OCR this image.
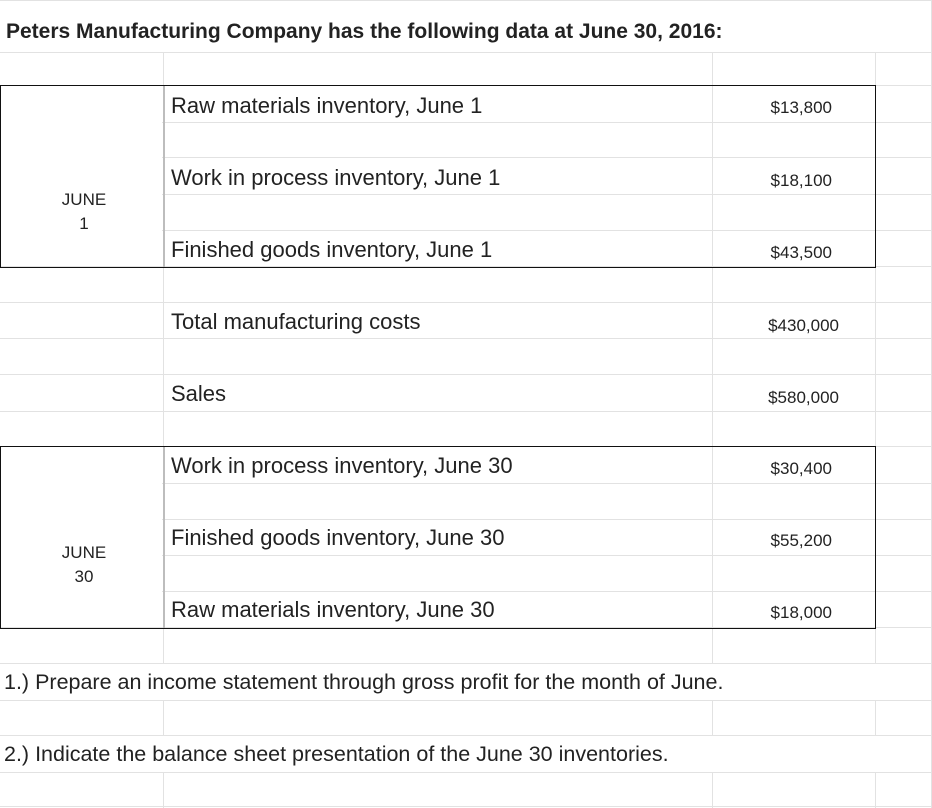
Peters Manufacturing Company has the following data at June 30, 2016:
JUNE
1
Raw materials inventory, June 1	$13,800
Work in process inventory, June 1	$18,100
Finished goods inventory, June 1	$43,500
Total manufacturing costs	$430,000
Sales	$580,000
JUNE
30
Work in process inventory, June 30	$30,400
Finished goods inventory, June 30	$55,200
Raw materials inventory, June 30	$18,000
1.) Prepare an income statement through gross profit for the month of June.
2.) Indicate the balance sheet presentation of the June 30 inventories.
